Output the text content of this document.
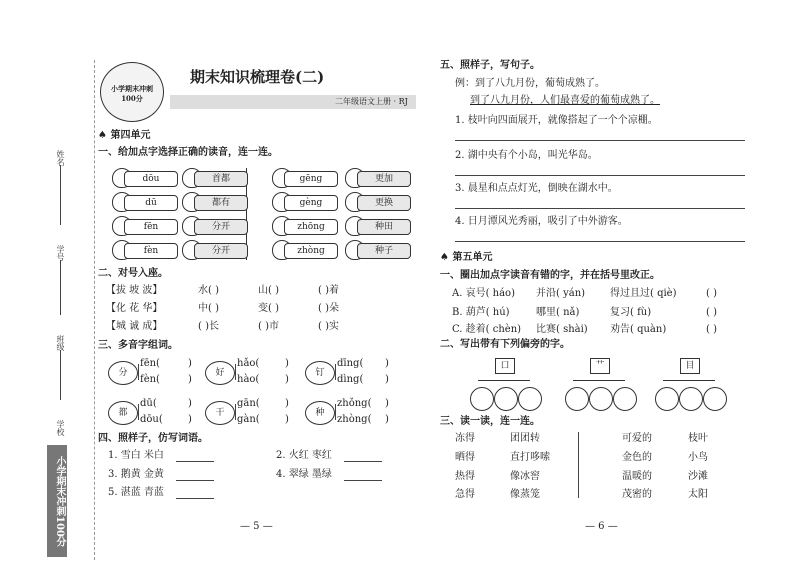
姓名
学号
班级
学校
小学期末冲刺100分
小学期末冲刺100分
期末知识梳理卷(二)
二年级语文上册 · RJ
♠ 第四单元
一、给加点字选择正确的读音，连一连。
二、对号入座。
三、多音字组词。
四、照样子，仿写词语。
— 5 —
五、照样子，写句子。
例：到了八九月份，葡萄成熟了。
到了八九月份，人们最喜爱的葡萄成熟了。
♠ 第五单元
一、圈出加点字读音有错的字，并在括号里改正。
二、写出带有下列偏旁的字。
三、读一读，连一连。
— 6 —
dōu	首都	gēng	更加
dū	都有	gèng	更换
fēn	分开	zhōng	种田
fèn	分开	zhòng	种子
【拔 坡 波】	水( )	山( )	( )着
【化 花 华】	中( )	变( )	( )朵
【城 诚 成】	( )长	( )市	( )实
分
fēn(
fèn(
)
)
好
hǎo(
hào(
)
)
钉
dīng(
dìng(
)
)
都
dū(
dōu(
)
)
干
gān(
gàn(
)
)
种
zhǒng(
zhòng(
)
)
1. 雪白 米白	2. 火红 枣红
3. 鹅黄 金黄	4. 翠绿 墨绿
5. 湛蓝 青蓝
1. 枝叶向四面展开，就像搭起了一个个凉棚。
2. 湖中央有个小岛，叫光华岛。
3. 晨星和点点灯光，倒映在湖水中。
4. 日月潭风光秀丽，吸引了中外游客。
A. 哀号( háo) 并沿( yán) 得过且过( qiè)	( )
B. 葫芦( hú)	哪里( nǎ)	复习( fù)	( )
C. 趁着( chèn) 比赛( shài) 劝告( quàn)	( )
口	艹	目
冻得	团团转	可爱的	枝叶
晒得	直打哆嗦	金色的	小鸟
热得	像冰窖	温暖的	沙滩
急得	像蒸笼	茂密的	太阳
